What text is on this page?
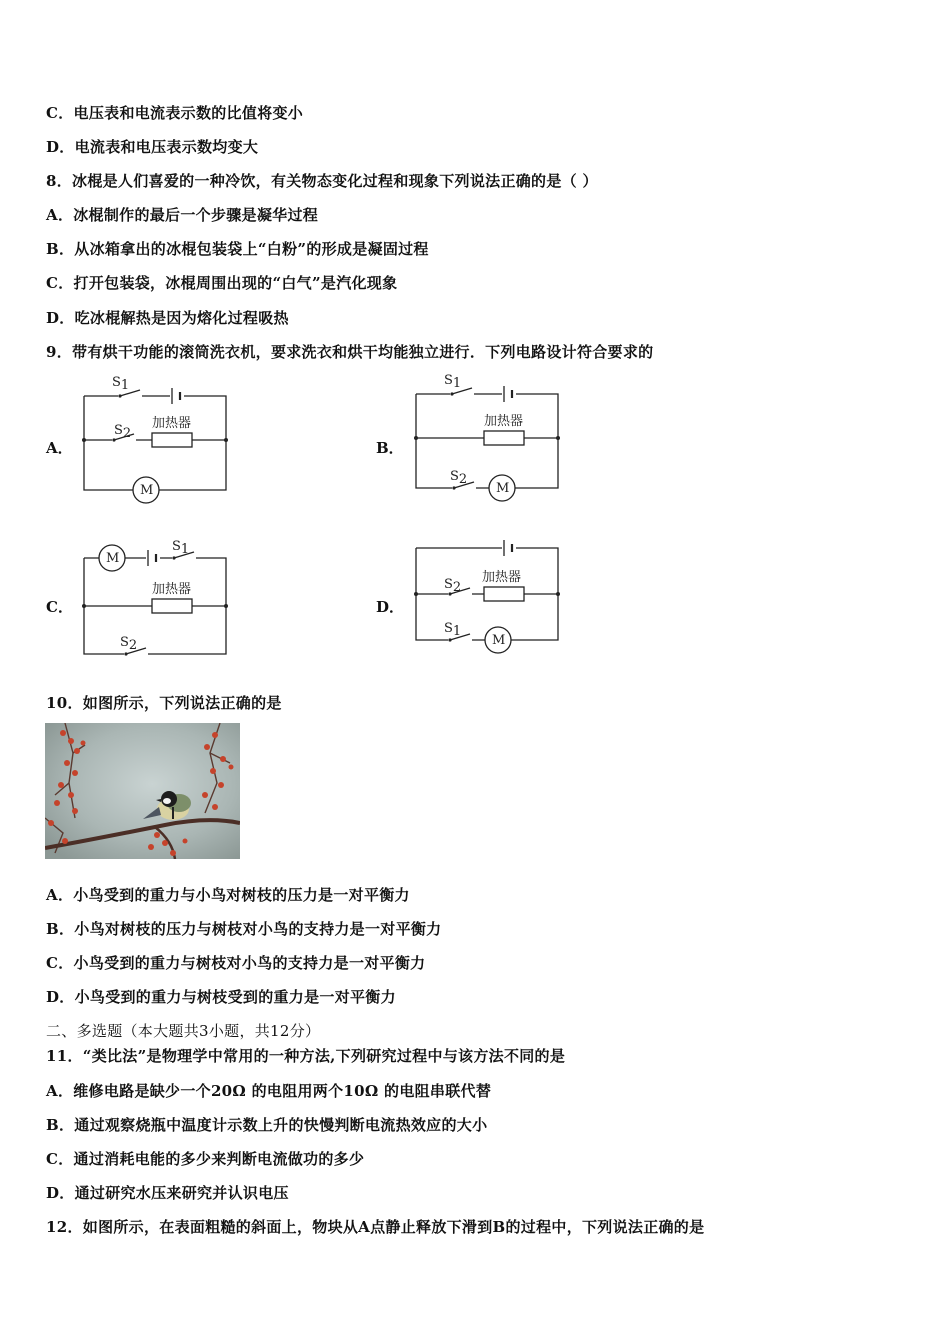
C．电压表和电流表示数的比值将变小
D．电流表和电压表示数均变大
8．冰棍是人们喜爱的一种冷饮，有关物态变化过程和现象下列说法正确的是（ ）
A．冰棍制作的最后一个步骤是凝华过程
B．从冰箱拿出的冰棍包装袋上“白粉”的形成是凝固过程
C．打开包装袋，冰棍周围出现的“白气”是汽化现象
D．吃冰棍解热是因为熔化过程吸热
9．带有烘干功能的滚筒洗衣机，要求洗衣和烘干均能独立进行．下列电路设计符合要求的
A．	B．
C．	D．
S1
S2
加热器
M
S1
加热器
S2
M
M
S1
加热器
S2
S2
加热器
S1
M
10．如图所示，下列说法正确的是
A．小鸟受到的重力与小鸟对树枝的压力是一对平衡力
B．小鸟对树枝的压力与树枝对小鸟的支持力是一对平衡力
C．小鸟受到的重力与树枝对小鸟的支持力是一对平衡力
D．小鸟受到的重力与树枝受到的重力是一对平衡力
二、多选题（本大题共3小题，共12分）
11．“类比法”是物理学中常用的一种方法,下列研究过程中与该方法不同的是
A．维修电路是缺少一个20Ω 的电阻用两个10Ω 的电阻串联代替
B．通过观察烧瓶中温度计示数上升的快慢判断电流热效应的大小
C．通过消耗电能的多少来判断电流做功的多少
D．通过研究水压来研究并认识电压
12．如图所示，在表面粗糙的斜面上，物块从A点静止释放下滑到B的过程中，下列说法正确的是
